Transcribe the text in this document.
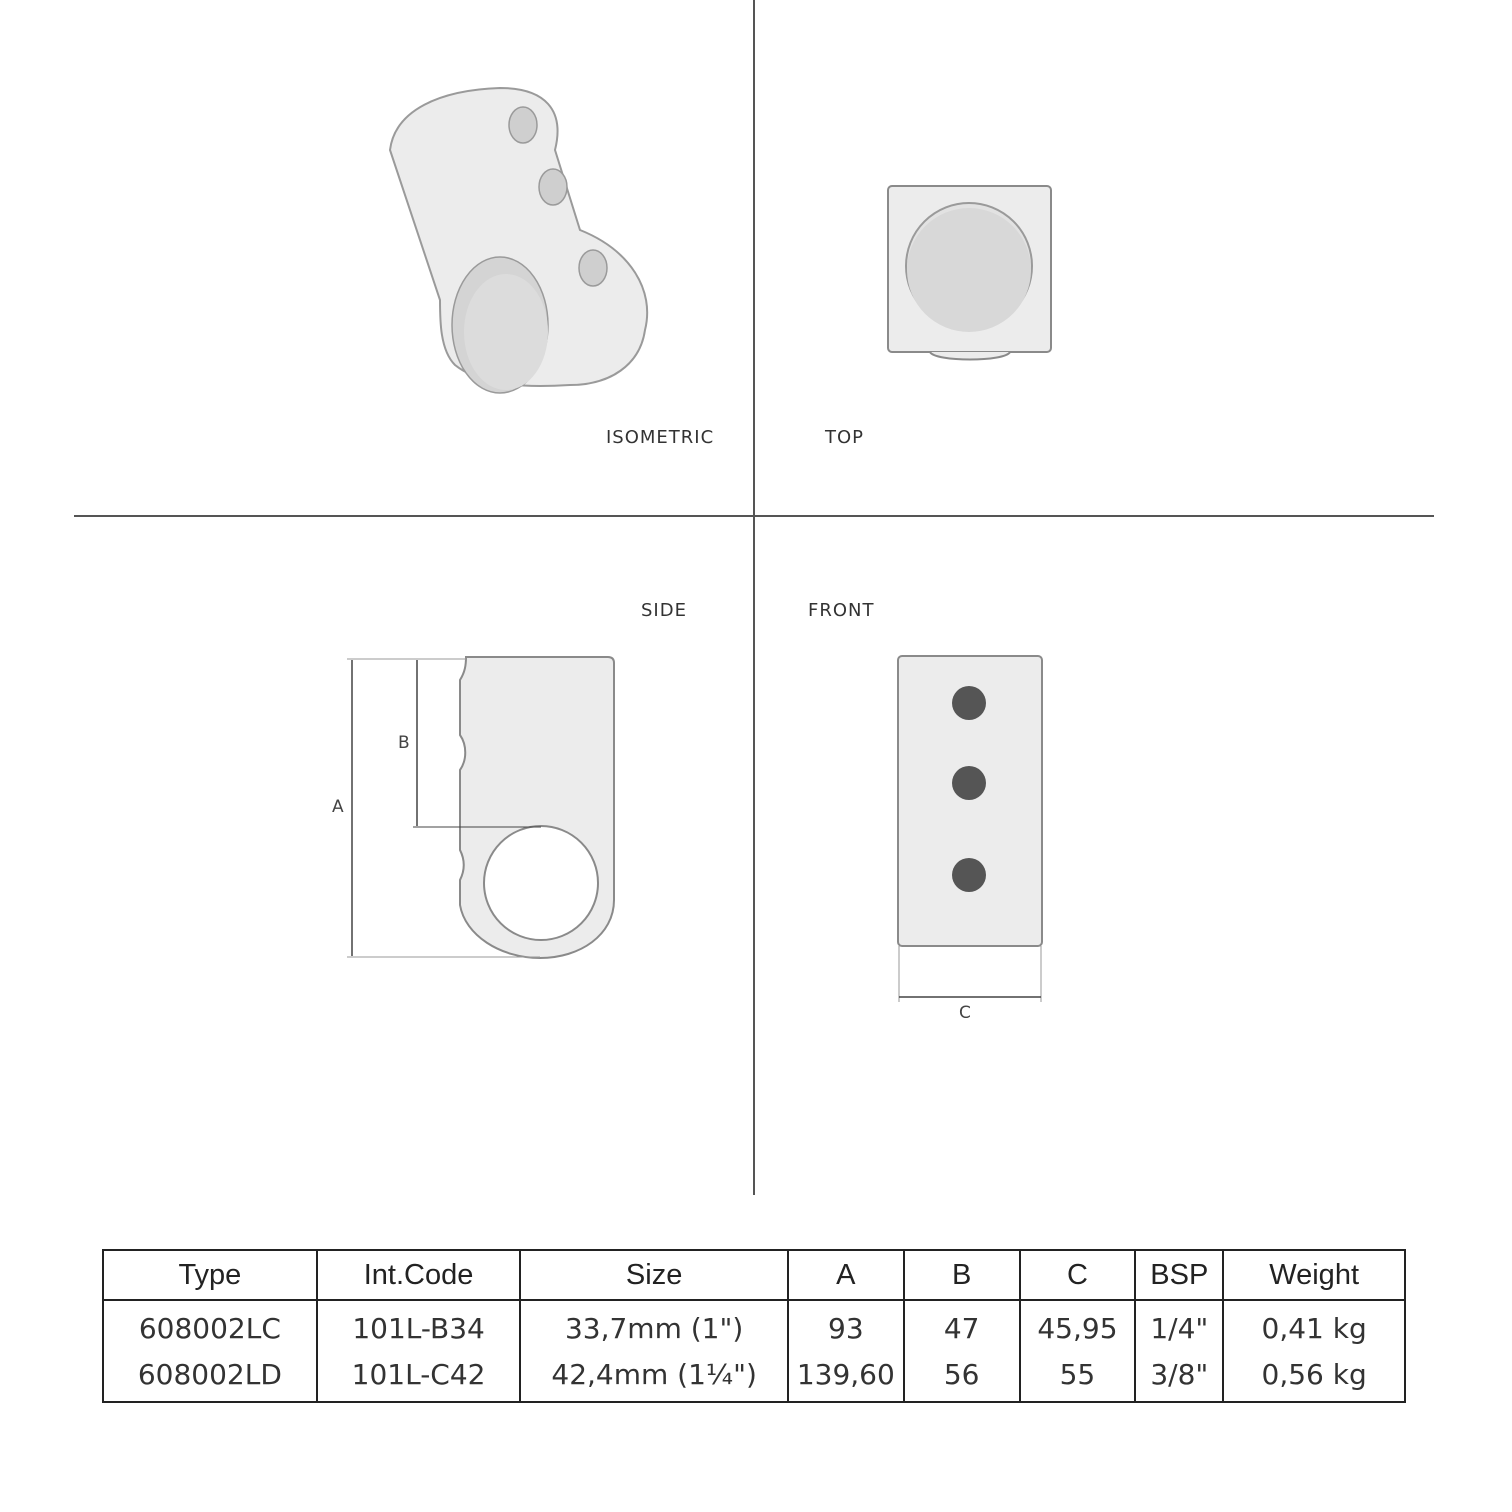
ISOMETRIC	TOP
SIDE	FRONT
A
B
C
Type	Int.Code	Size	A	B	C	BSP	Weight
608002LC	101L-B34	33,7mm (1")	93	47	45,95	1/4"	0,41 kg
608002LD	101L-C42	42,4mm (1¼")	139,60	56	55	3/8"	0,56 kg
